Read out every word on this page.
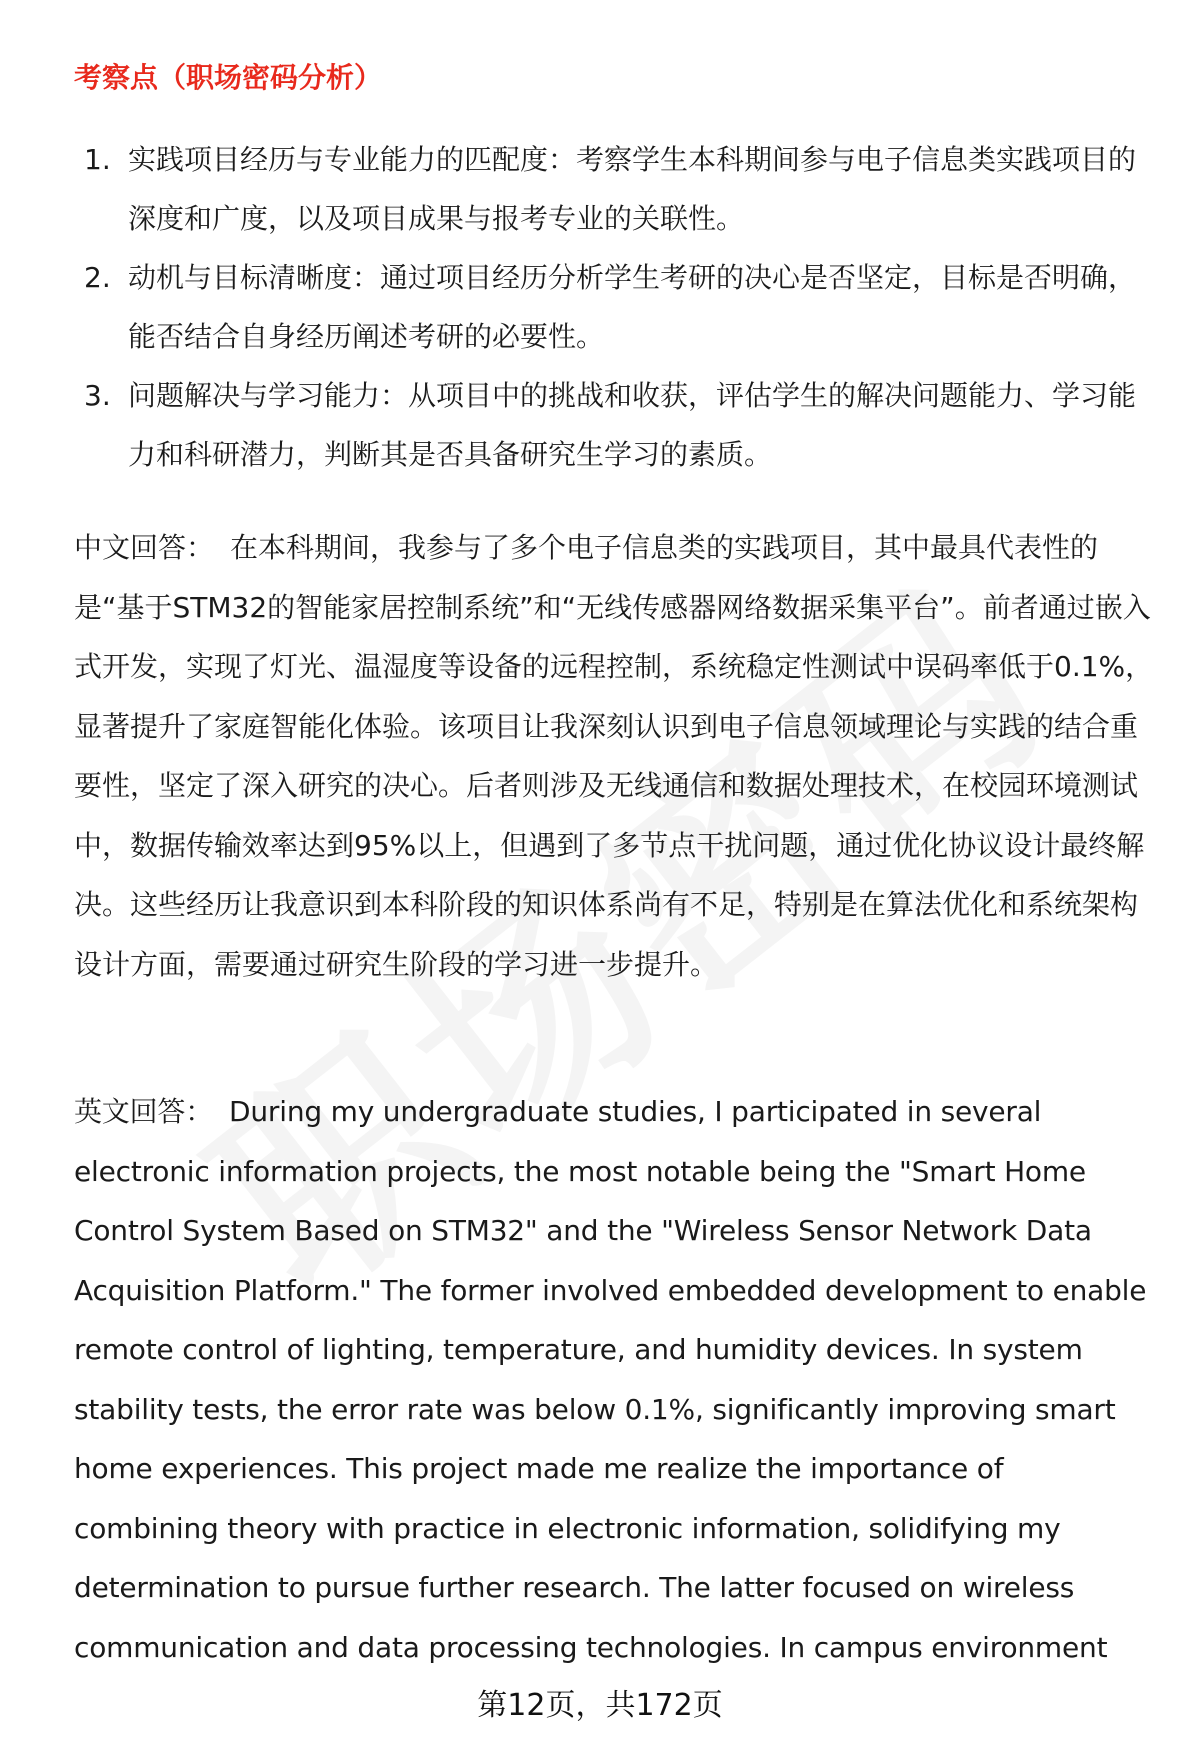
考察点（职场密码分析）
1. 实践项目经历与专业能力的匹配度：考察学生本科期间参与电子信息类实践项目的深度和广度，以及项目成果与报考专业的关联性。
2. 动机与目标清晰度：通过项目经历分析学生考研的决心是否坚定，目标是否明确，能否结合自身经历阐述考研的必要性。
3. 问题解决与学习能力：从项目中的挑战和收获，评估学生的解决问题能力、学习能力和科研潜力，判断其是否具备研究生学习的素质。

中文回答： 在本科期间，我参与了多个电子信息类的实践项目，其中最具代表性的是“基于STM32的智能家居控制系统”和“无线传感器网络数据采集平台”。前者通过嵌入式开发，实现了灯光、温湿度等设备的远程控制，系统稳定性测试中误码率低于0.1%，显著提升了家庭智能化体验。该项目让我深刻认识到电子信息领域理论与实践的结合重要性，坚定了深入研究的决心。后者则涉及无线通信和数据处理技术，在校园环境测试中，数据传输效率达到95%以上，但遇到了多节点干扰问题，通过优化协议设计最终解决。这些经历让我意识到本科阶段的知识体系尚有不足，特别是在算法优化和系统架构设计方面，需要通过研究生阶段的学习进一步提升。

英文回答： During my undergraduate studies, I participated in several electronic information projects, the most notable being the "Smart Home Control System Based on STM32" and the "Wireless Sensor Network Data Acquisition Platform." The former involved embedded development to enable remote control of lighting, temperature, and humidity devices. In system stability tests, the error rate was below 0.1%, significantly improving smart home experiences. This project made me realize the importance of combining theory with practice in electronic information, solidifying my determination to pursue further research. The latter focused on wireless communication and data processing technologies. In campus environment

第12页，共172页
